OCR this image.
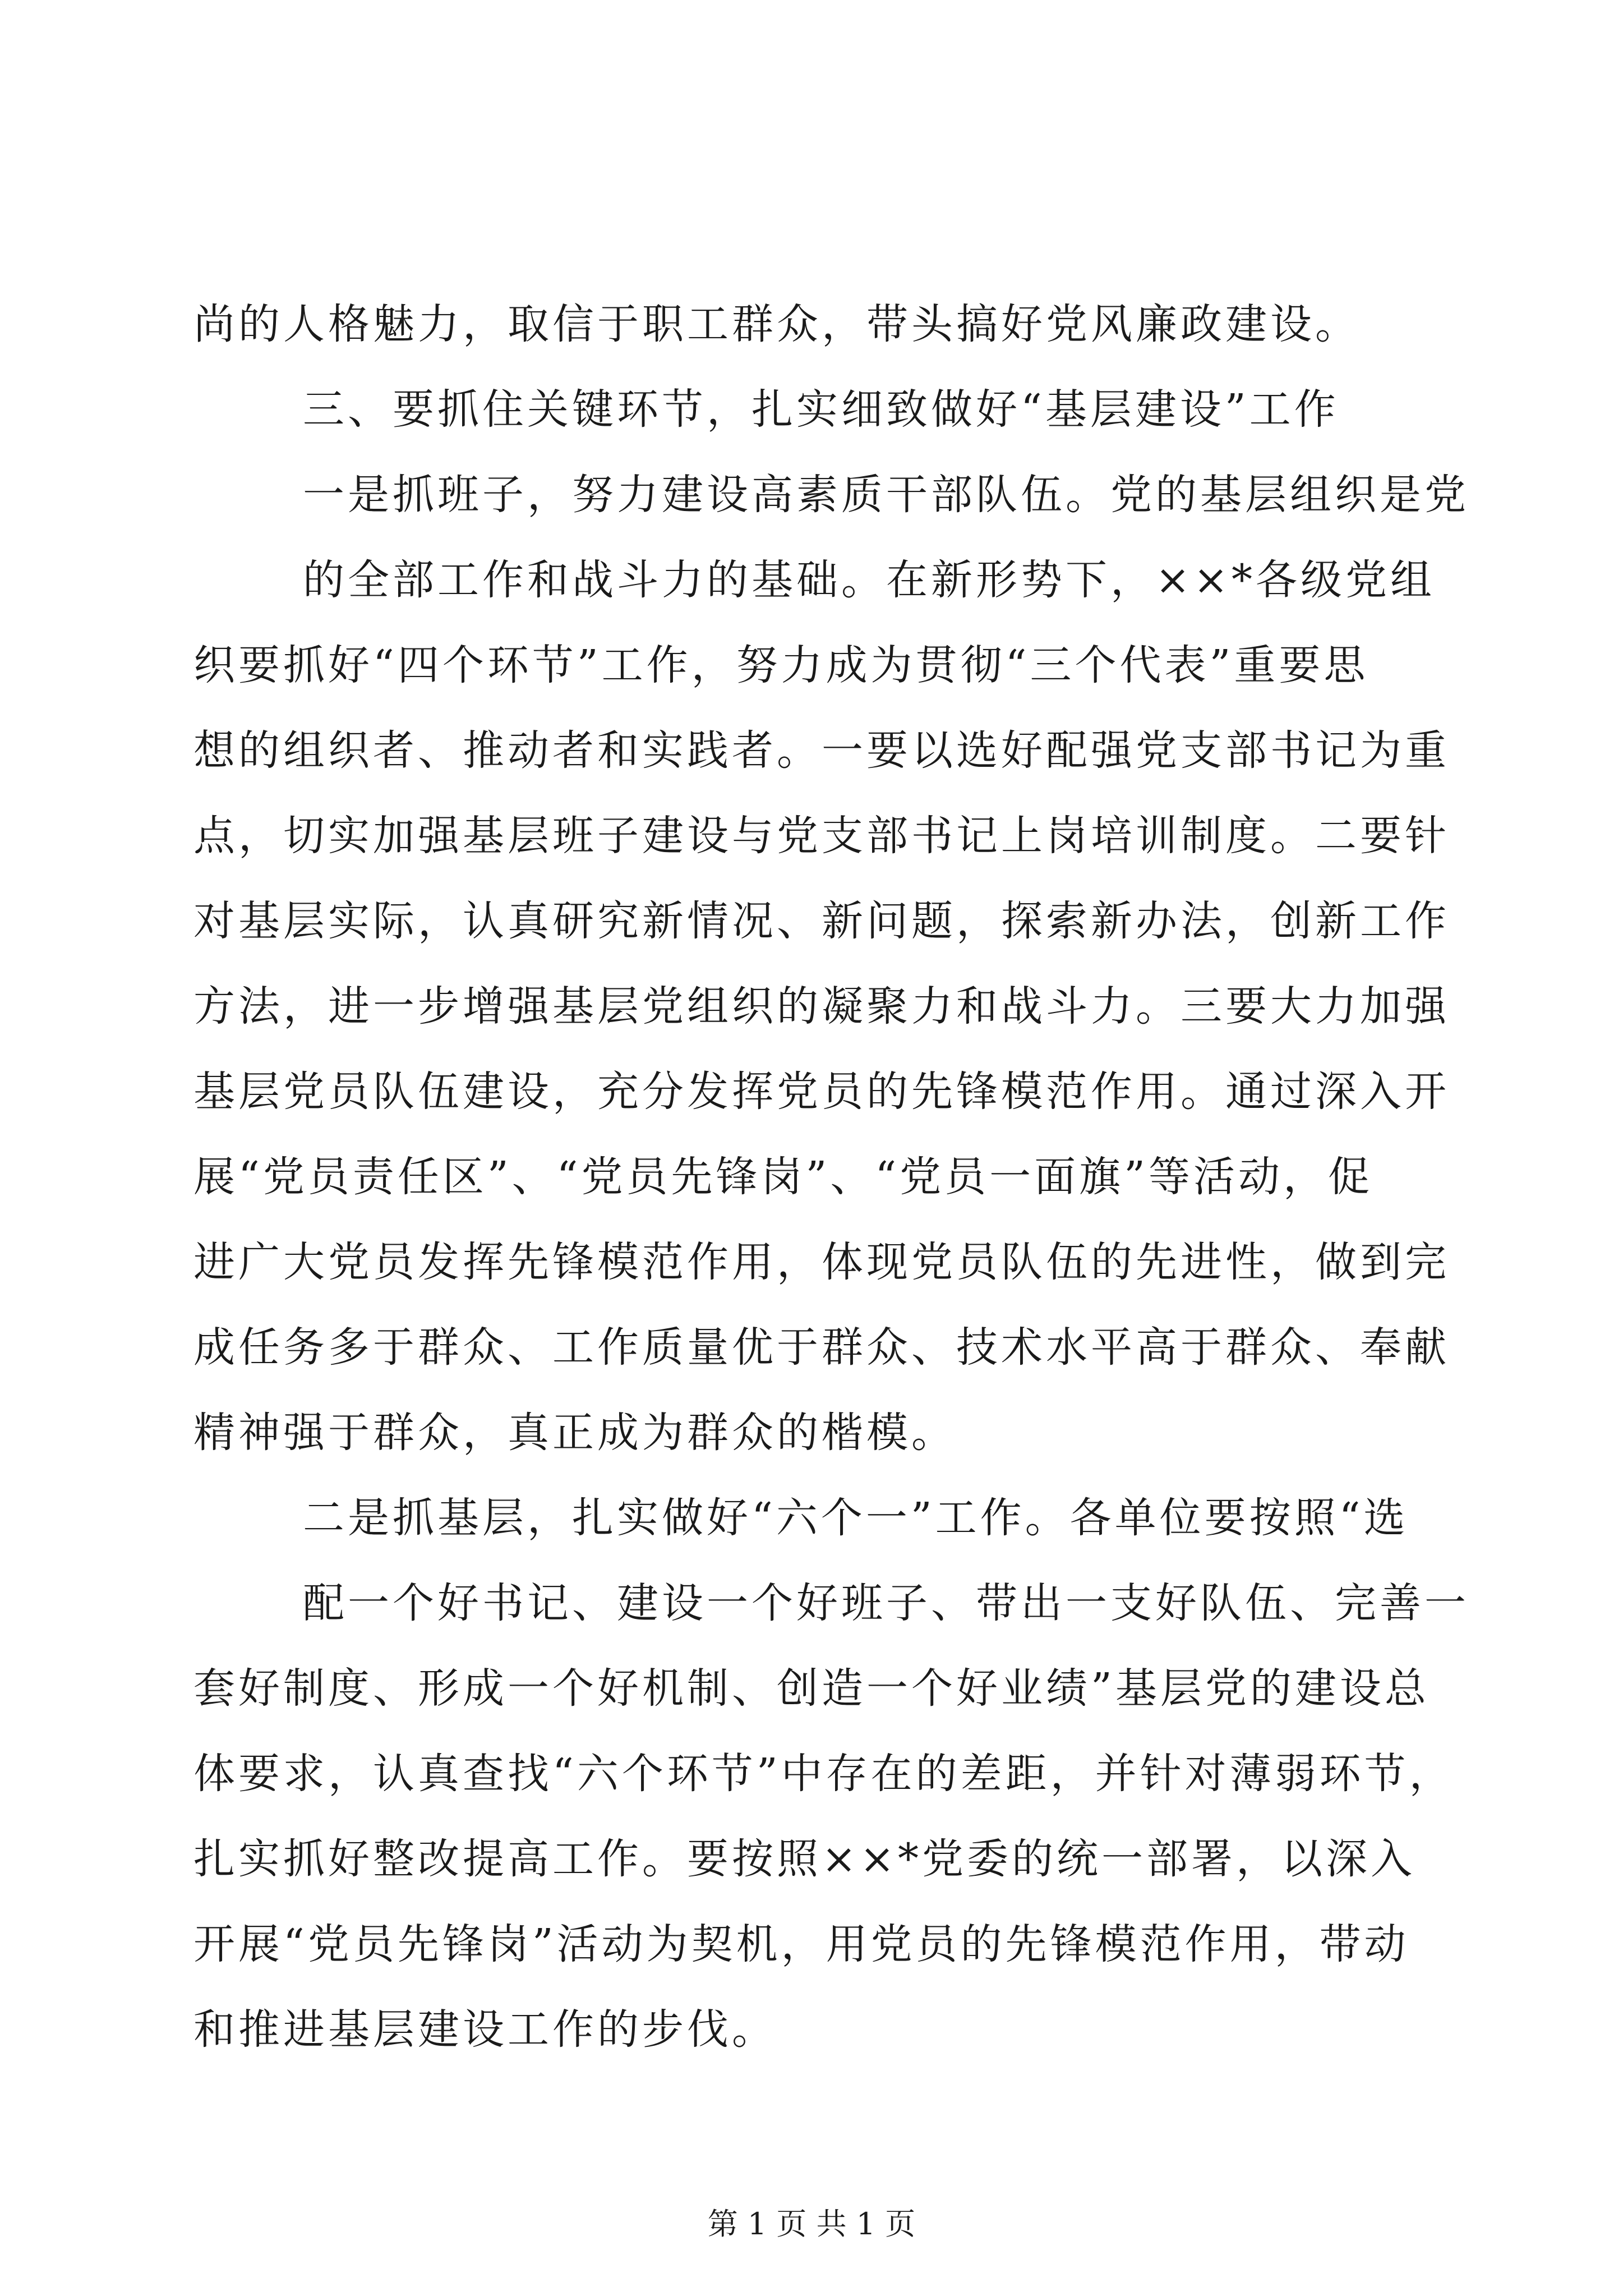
尚的人格魅力，取信于职工群众，带头搞好党风廉政建设。
三、要抓住关键环节，扎实细致做好“基层建设”工作
一是抓班子，努力建设高素质干部队伍。党的基层组织是党
的全部工作和战斗力的基础。在新形势下，××*各级党组
织要抓好“四个环节”工作，努力成为贯彻“三个代表”重要思
想的组织者、推动者和实践者。一要以选好配强党支部书记为重
点，切实加强基层班子建设与党支部书记上岗培训制度。二要针
对基层实际，认真研究新情况、新问题，探索新办法，创新工作
方法，进一步增强基层党组织的凝聚力和战斗力。三要大力加强
基层党员队伍建设，充分发挥党员的先锋模范作用。通过深入开
展“党员责任区”、“党员先锋岗”、“党员一面旗”等活动，促
进广大党员发挥先锋模范作用，体现党员队伍的先进性，做到完
成任务多于群众、工作质量优于群众、技术水平高于群众、奉献
精神强于群众，真正成为群众的楷模。
二是抓基层，扎实做好“六个一”工作。各单位要按照“选
配一个好书记、建设一个好班子、带出一支好队伍、完善一
套好制度、形成一个好机制、创造一个好业绩”基层党的建设总
体要求，认真查找“六个环节”中存在的差距，并针对薄弱环节，
扎实抓好整改提高工作。要按照××*党委的统一部署，以深入
开展“党员先锋岗”活动为契机，用党员的先锋模范作用，带动
和推进基层建设工作的步伐。
第 1 页 共 1 页
